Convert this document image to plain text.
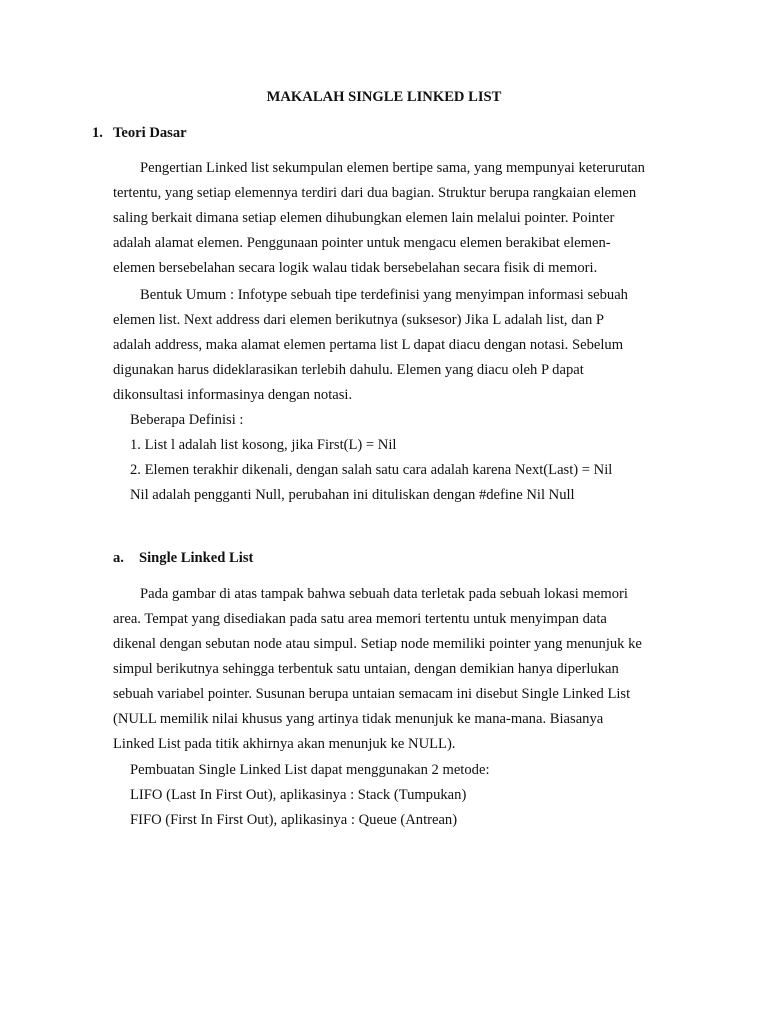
MAKALAH SINGLE LINKED LIST

1. Teori Dasar

Pengertian Linked list sekumpulan elemen bertipe sama, yang mempunyai keterurutan

tertentu, yang setiap elemennya terdiri dari dua bagian. Struktur berupa rangkaian elemen

saling berkait dimana setiap elemen dihubungkan elemen lain melalui pointer. Pointer

adalah alamat elemen. Penggunaan pointer untuk mengacu elemen berakibat elemen-

elemen bersebelahan secara logik walau tidak bersebelahan secara fisik di memori.

Bentuk Umum : Infotype sebuah tipe terdefinisi yang menyimpan informasi sebuah

elemen list. Next address dari elemen berikutnya (suksesor) Jika L adalah list, dan P

adalah address, maka alamat elemen pertama list L dapat diacu dengan notasi. Sebelum

digunakan harus dideklarasikan terlebih dahulu. Elemen yang diacu oleh P dapat

dikonsultasi informasinya dengan notasi.

Beberapa Definisi :

1. List l adalah list kosong, jika First(L) = Nil

2. Elemen terakhir dikenali, dengan salah satu cara adalah karena Next(Last) = Nil

Nil adalah pengganti Null, perubahan ini dituliskan dengan #define Nil Null

a. Single Linked List

Pada gambar di atas tampak bahwa sebuah data terletak pada sebuah lokasi memori

area. Tempat yang disediakan pada satu area memori tertentu untuk menyimpan data

dikenal dengan sebutan node atau simpul. Setiap node memiliki pointer yang menunjuk ke

simpul berikutnya sehingga terbentuk satu untaian, dengan demikian hanya diperlukan

sebuah variabel pointer. Susunan berupa untaian semacam ini disebut Single Linked List

(NULL memilik nilai khusus yang artinya tidak menunjuk ke mana-mana. Biasanya

Linked List pada titik akhirnya akan menunjuk ke NULL).

Pembuatan Single Linked List dapat menggunakan 2 metode:

LIFO (Last In First Out), aplikasinya : Stack (Tumpukan)

FIFO (First In First Out), aplikasinya : Queue (Antrean)
